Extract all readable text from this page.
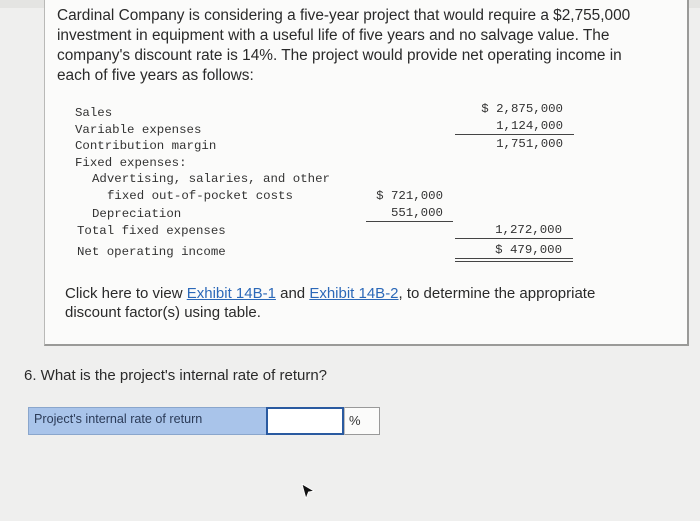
Cardinal Company is considering a five-year project that would require a $2,755,000 investment in equipment with a useful life of five years and no salvage value. The company's discount rate is 14%. The project would provide net operating income in each of five years as follows:

Sales	$ 2,875,000
Variable expenses	1,124,000
Contribution margin	1,751,000
Fixed expenses:
Advertising, salaries, and other
fixed out-of-pocket costs	$ 721,000
Depreciation	551,000
Total fixed expenses	1,272,000
Net operating income	$ 479,000

Click here to view Exhibit 14B-1 and Exhibit 14B-2, to determine the appropriate discount factor(s) using table.

6. What is the project's internal rate of return?

Project's internal rate of return	%
